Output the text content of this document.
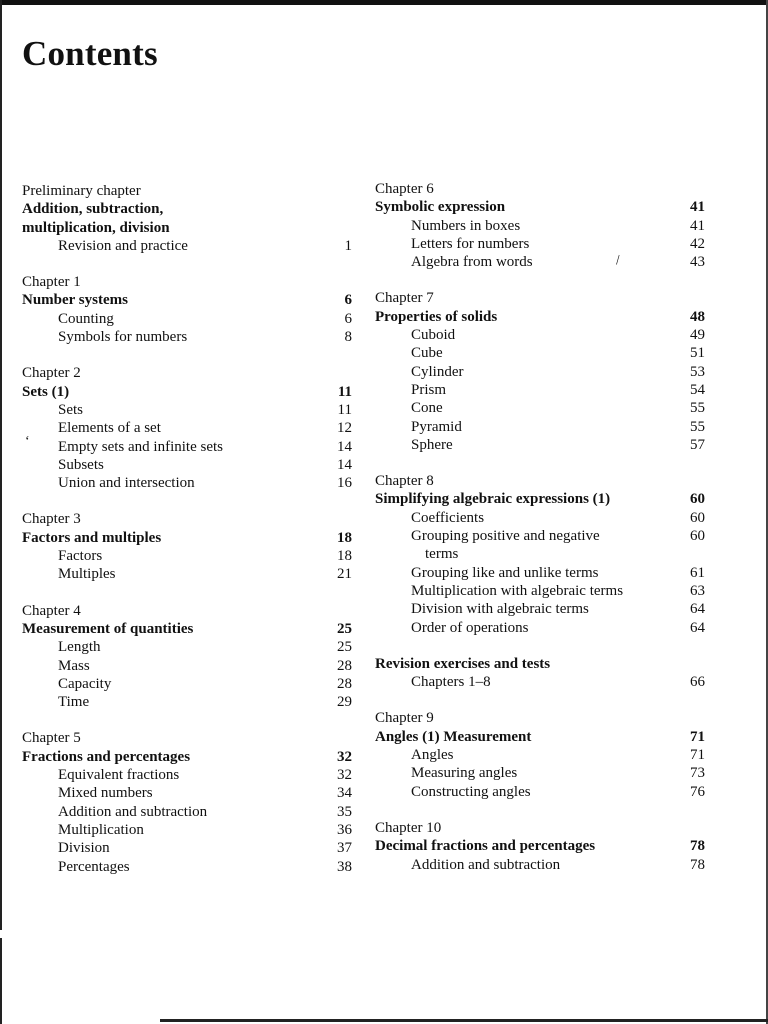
Contents
Preliminary chapter
Addition, subtraction,
multiplication, division
Revision and practice	1
Chapter 1
Number systems	6
Counting	6
Symbols for numbers	8
Chapter 2
Sets (1)	11
Sets	11
Elements of a set	12
Empty sets and infinite sets	14
Subsets	14
Union and intersection	16
Chapter 3
Factors and multiples	18
Factors	18
Multiples	21
Chapter 4
Measurement of quantities	25
Length	25
Mass	28
Capacity	28
Time	29
Chapter 5
Fractions and percentages	32
Equivalent fractions	32
Mixed numbers	34
Addition and subtraction	35
Multiplication	36
Division	37
Percentages	38
Chapter 6
Symbolic expression	41
Numbers in boxes	41
Letters for numbers	42
Algebra from words	43
Chapter 7
Properties of solids	48
Cuboid	49
Cube	51
Cylinder	53
Prism	54
Cone	55
Pyramid	55
Sphere	57
Chapter 8
Simplifying algebraic expressions (1)	60
Coefficients	60
Grouping positive and negative	60
terms
Grouping like and unlike terms	61
Multiplication with algebraic terms	63
Division with algebraic terms	64
Order of operations	64
Revision exercises and tests
Chapters 1–8	66
Chapter 9
Angles (1) Measurement	71
Angles	71
Measuring angles	73
Constructing angles	76
Chapter 10
Decimal fractions and percentages	78
Addition and subtraction	78
‘
\
